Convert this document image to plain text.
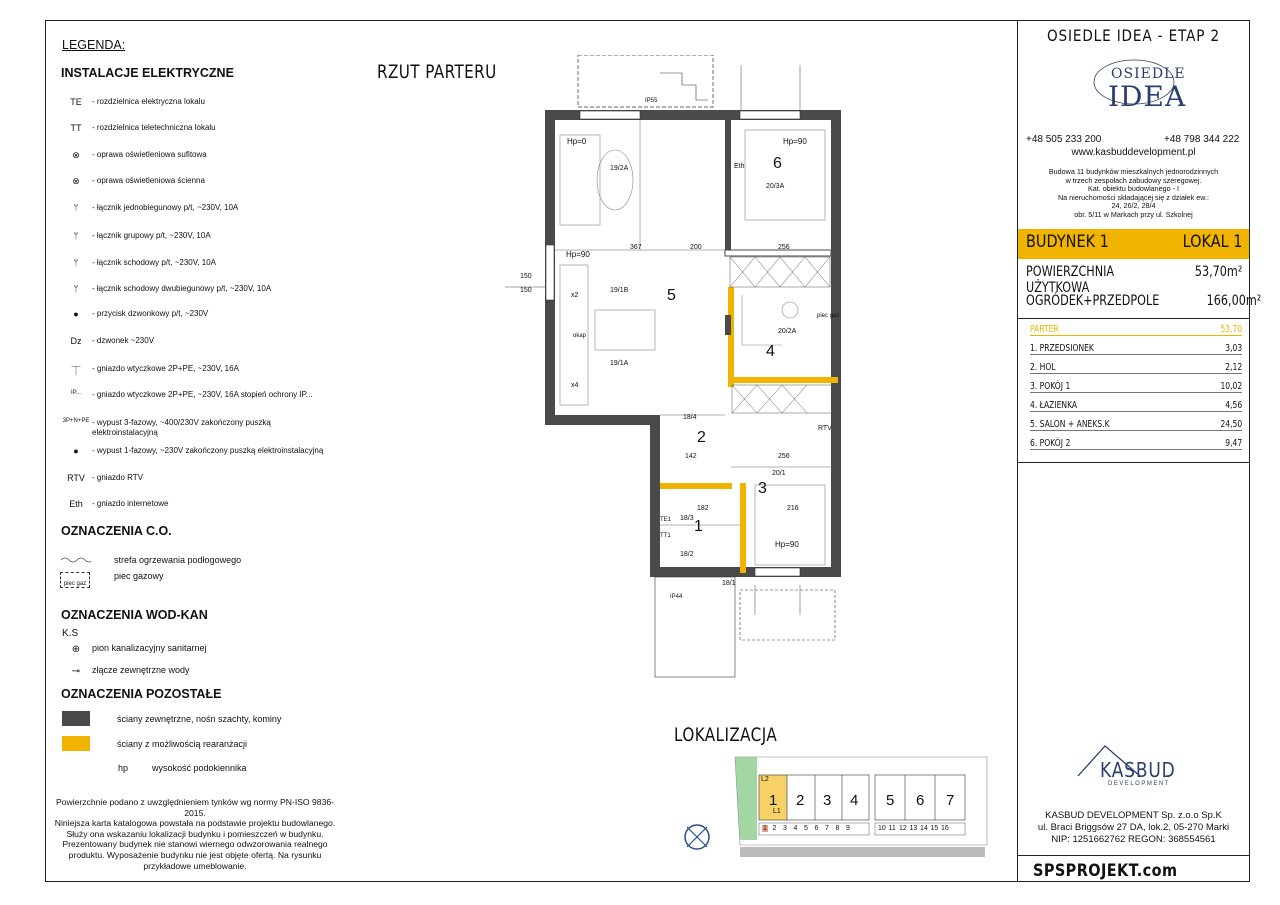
LEGENDA:
INSTALACJE ELEKTRYCZNE
TE	- rozdzielnica elektryczna lokalu
TT	- rozdzielnica teletechniczna lokalu
⊗	- oprawa oświetleniowa sufitowa
⊗	- oprawa oświetleniowa ścienna
ᛘ	- łącznik jednobiegunowy p/t, ~230V, 10A
ᛘ	- łącznik grupowy p/t, ~230V, 10A
ᛘ	- łącznik schodowy p/t, ~230V, 10A
ᛘ	- łącznik schodowy dwubiegunowy p/t, ~230V, 10A
●	- przycisk dzwonkowy p/t, ~230V
Dz	- dzwonek ~230V
⏉	- gniazdo wtyczkowe 2P+PE, ~230V, 16A
IP...	- gniazdo wtyczkowe 2P+PE, ~230V, 16A stopień ochrony IP...
3P+N+PE - wypust 3-fazowy, ~400/230V zakończony puszką elektroinstalacyjną
●	- wypust 1-fazowy, ~230V zakończony puszką elektroinstalacyjną
RTV - gniazdo RTV
Eth	- gniazdo internetowe
OZNACZENIA C.O.
strefa ogrzewania podłogowego
piec gaz
piec gazowy
OZNACZENIA WOD-KAN
K.S
⊕	pion kanalizacyjny sanitarnej
⊸	złącze zewnętrzne wody
OZNACZENIA POZOSTAŁE
ściany zewnętrzne, nośn szachty, kominy
ściany z możliwością rearanżacji
hp	wysokość podokiennika
Powierzchnie podano z uwzględnieniem tynków wg normy PN-ISO 9836-2015.
Niniejsza karta katalogowa powstała na podstawie projektu budowlanego.
Służy ona wskazaniu lokalizacji budynku i pomieszczeń w budynku.
Prezentowany budynek nie stanowi wiernego odwzorowania realnego
produktu. Wyposażenie budynku nie jest objęte ofertą. Na rysunku
przykładowe umeblowanie.
RZUT PARTERU
5
6
4
2
3
1
Hp=0	Hp=90
Hp=90
Hp=90
IP55
IP44
19/2A
19/1B
19/1A
20/3A
20/2A
20/1
18/4
18/3
18/2
18/1
RTV
Eth
TE1
TT1
x2
x4
piec gaz
okap
367	200	256
142	256
182	216
150
150
LOKALIZACJA
1 2 3 4 5 6 7 8 9	10 11 12 13 14 15 16
1 2 3 4 5 6 7
L2
L1
OSIEDLE IDEA - ETAP 2
OSIEDLE
IDEA
+48 505 233 200	+48 798 344 222
www.kasbuddevelopment.pl
Budowa 11 budynków mieszkalnych jednorodzinnych
w trzech zespołach zabudowy szeregowej.
Kat. obiektu budowlanego - I
Na nieruchomości składającej się z działek ew.:
24, 26/2, 28/4
obr. 5/11 w Markach przy ul. Szkolnej
BUDYNEK 1	LOKAL 1
POWIERZCHNIA UŻYTKOWA
53,70m²
OGRÓDEK+PRZEDPOLE	166,00m²
PARTER	53,70
1. PRZEDSIONEK	3,03
2. HOL	2,12
3. POKÓJ 1	10,02
4. ŁAZIENKA	4,56
5. SALON + ANEKS.K	24,50
6. POKÓJ 2	9,47
KASBUD
DEVELOPMENT
KASBUD DEVELOPMENT Sp. z.o.o Sp.K
ul. Braci Briggsów 27 DA, lok.2, 05-270 Marki
NIP: 1251662762 REGON: 368554561
SPSPROJEKT.com
